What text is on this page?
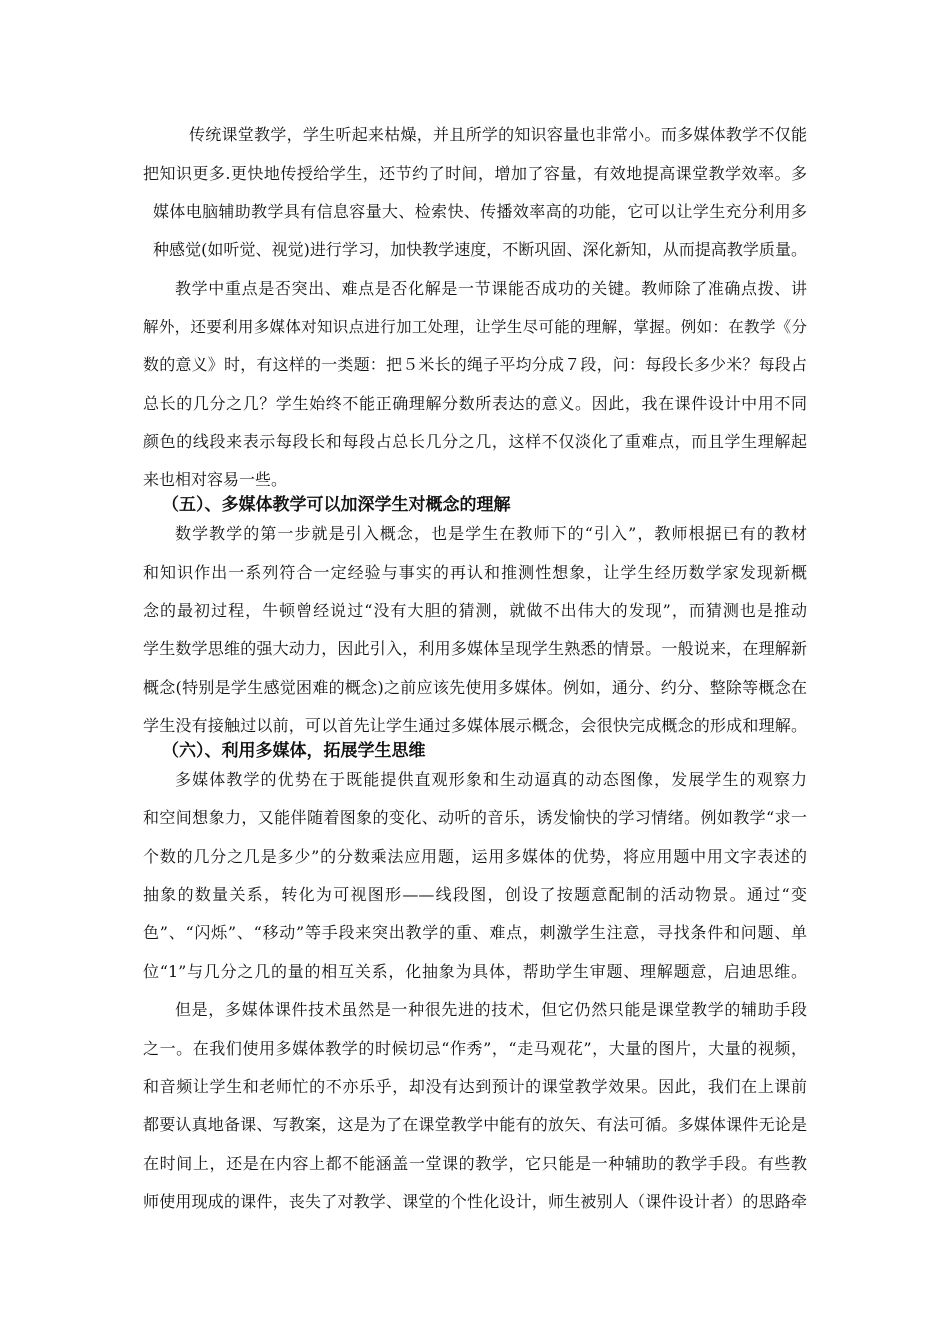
传统课堂教学，学生听起来枯燥，并且所学的知识容量也非常小。而多媒体教学不仅能
把知识更多.更快地传授给学生，还节约了时间，增加了容量，有效地提高课堂教学效率。多
媒体电脑辅助教学具有信息容量大、检索快、传播效率高的功能，它可以让学生充分利用多
种感觉(如听觉、视觉)进行学习，加快教学速度，不断巩固、深化新知，从而提高教学质量。
教学中重点是否突出、难点是否化解是一节课能否成功的关键。教师除了准确点拨、讲
解外，还要利用多媒体对知识点进行加工处理，让学生尽可能的理解，掌握。例如：在教学《分
数的意义》时，有这样的一类题：把５米长的绳子平均分成７段，问：每段长多少米？每段占
总长的几分之几？学生始终不能正确理解分数所表达的意义。因此，我在课件设计中用不同
颜色的线段来表示每段长和每段占总长几分之几，这样不仅淡化了重难点，而且学生理解起
来也相对容易一些。
（五）、多媒体教学可以加深学生对概念的理解
数学教学的第一步就是引入概念，也是学生在教师下的“引入”，教师根据已有的教材
和知识作出一系列符合一定经验与事实的再认和推测性想象，让学生经历数学家发现新概
念的最初过程，牛顿曾经说过“没有大胆的猜测，就做不出伟大的发现”，而猜测也是推动
学生数学思维的强大动力，因此引入，利用多媒体呈现学生熟悉的情景。一般说来，在理解新
概念(特别是学生感觉困难的概念)之前应该先使用多媒体。例如，通分、约分、整除等概念在
学生没有接触过以前，可以首先让学生通过多媒体展示概念，会很快完成概念的形成和理解。
（六）、利用多媒体，拓展学生思维
多媒体教学的优势在于既能提供直观形象和生动逼真的动态图像，发展学生的观察力
和空间想象力，又能伴随着图象的变化、动听的音乐，诱发愉快的学习情绪。例如教学“求一
个数的几分之几是多少”的分数乘法应用题，运用多媒体的优势，将应用题中用文字表述的
抽象的数量关系，转化为可视图形——线段图，创设了按题意配制的活动物景。通过“变
色”、“闪烁”、“移动”等手段来突出教学的重、难点，刺激学生注意，寻找条件和问题、单
位“1”与几分之几的量的相互关系，化抽象为具体，帮助学生审题、理解题意，启迪思维。
但是，多媒体课件技术虽然是一种很先进的技术，但它仍然只能是课堂教学的辅助手段
之一。在我们使用多媒体教学的时候切忌“作秀”，“走马观花”，大量的图片，大量的视频，
和音频让学生和老师忙的不亦乐乎，却没有达到预计的课堂教学效果。因此，我们在上课前
都要认真地备课、写教案，这是为了在课堂教学中能有的放矢、有法可循。多媒体课件无论是
在时间上，还是在内容上都不能涵盖一堂课的教学，它只能是一种辅助的教学手段。有些教
师使用现成的课件，丧失了对教学、课堂的个性化设计，师生被别人（课件设计者）的思路牵
